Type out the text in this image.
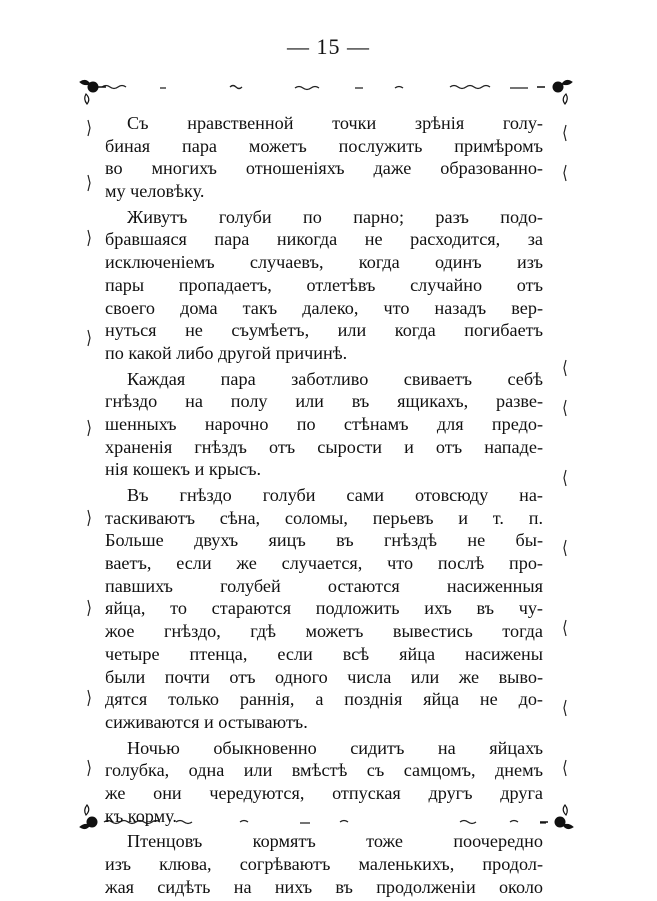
— 15 —

Съ нравственной точки зрѣнія голу-
биная пара можетъ послужить примѣромъ
во многихъ отношеніяхъ даже образованно-
му человѣку.

Живутъ голуби по парно; разъ подо-
бравшаяся пара никогда не расходится, за
исключеніемъ случаевъ, когда одинъ изъ
пары пропадаетъ, отлетѣвъ случайно отъ
своего дома такъ далеко, что назадъ вер-
нуться не съумѣетъ, или когда погибаетъ
по какой либо другой причинѣ.

Каждая пара заботливо свиваетъ себѣ
гнѣздо на полу или въ ящикахъ, разве-
шенныхъ нарочно по стѣнамъ для предо-
храненія гнѣздъ отъ сырости и отъ нападе-
нія кошекъ и крысъ.

Въ гнѣздо голуби сами отовсюду на-
таскиваютъ сѣна, соломы, перьевъ и т. п.
Больше двухъ яицъ въ гнѣздѣ не бы-
ваетъ, если же случается, что послѣ про-
павшихъ голубей остаются насиженныя
яйца, то стараются подложить ихъ въ чу-
жое гнѣздо, гдѣ можетъ вывестись тогда
четыре птенца, если всѣ яйца насижены
были почти отъ одного числа или же выво-
дятся только раннія, а позднія яйца не до-
сиживаются и остываютъ.

Ночью обыкновенно сидитъ на яйцахъ
голубка, одна или вмѣстѣ съ самцомъ, днемъ
же они чередуются, отпуская другъ друга
къ корму.

Птенцовъ кормятъ тоже поочередно
изъ клюва, согрѣваютъ маленькихъ, продол-
жая сидѣть на нихъ въ продолженіи около
